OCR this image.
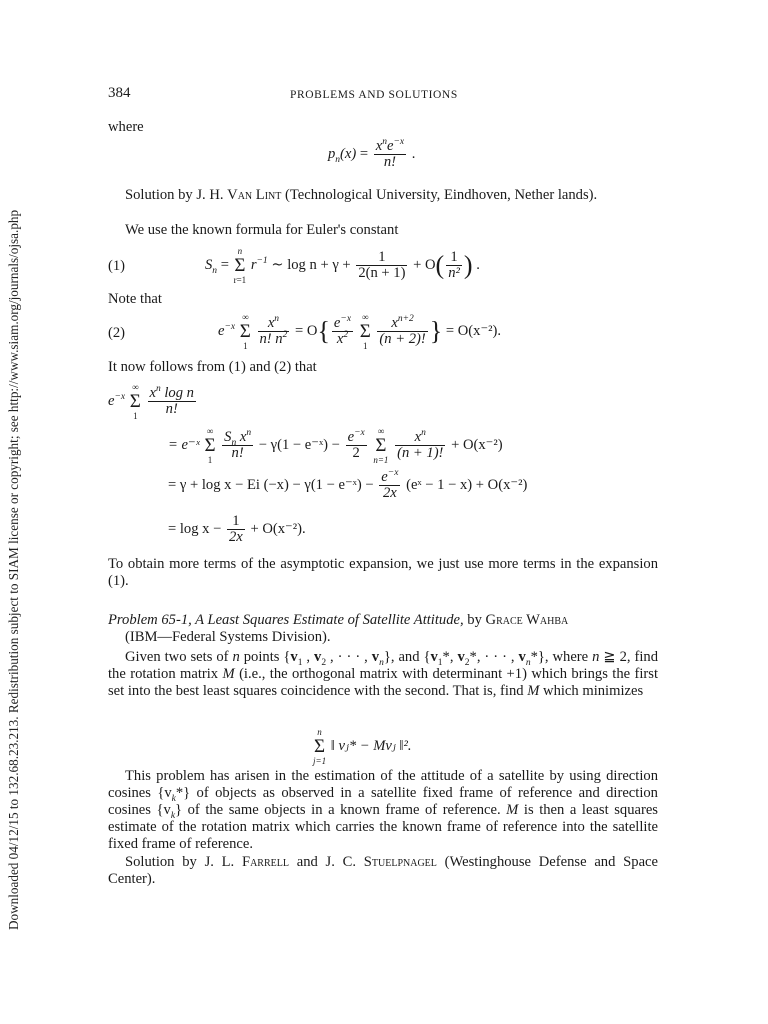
Downloaded 04/12/15 to 132.68.23.213. Redistribution subject to SIAM license or copyright; see http://www.siam.org/journals/ojsa.php
384	PROBLEMS AND SOLUTIONS
where
$p_n(x) = \frac{x^ne^{-x}}{n!}$ .
Solution by J. H. Van Lint (Technological University, Eindhoven, Nether lands).
We use the known formula for Euler's constant
(1)	$S_n$ =
n
Σ
r=1
$r^{-1}$ ∼ $\log n + \gamma + \frac{1}{2(n + 1)} + O( \frac{1}{\text{n²}}$ ) .
Note that
(2)	$e^{-x}$
∞
Σ
1
$\frac{x^n}{n! n^2} = O\{ \frac{e^{-x}}{x^2}$
∞
Σ
1
$\frac{x^{n+2}}{(n + 2)!}$ } = O(x⁻²).
It now follows from (1) and (2) that
$e^{-x}$
∞
Σ
1
$\frac{x^n \log n}{n!}$
= e⁻ˣ
∞
Σ
1
$\frac{S_n x^n}{n!} - \gamma(1$ − e⁻ˣ) − $\frac{e^{-x}}{2}$
	∞
Σ
n=1
$\frac{x^n}{(n + 1)!} + O(x^{-2})$
= γ + log x − Ei (−x) − γ(1 − e⁻ˣ) − $\frac{e^{-x}}{2x}$ (eˣ − 1 − x) + O(x⁻²)
= $\log x - \frac{1}{2x} + O(x^{-2})$.
To obtain more terms of the asymptotic expansion, we just use more terms in the expansion (1).
Problem 65-1, A Least Squares Estimate of Satellite Attitude, by Grace Wahba
(IBM—Federal Systems Division).
Given two sets of n points {$v_1$ , $v_2$ , · · · , $v_n$}, and {$v_1*$, $v_2*$, · · · , $v_n*$}, where n ≧ 2, find the rotation matrix M (i.e., the orthogonal matrix with determinant +1) which brings the first set into the best least squares coincidence with the second. That is, find M which minimizes
n
Σ
j=1
‖ vⱼ* − Mvⱼ ‖².
This problem has arisen in the estimation of the attitude of a satellite by using direction cosines $\{v_k*\}$ of objects as observed in a satellite fixed frame of reference and direction cosines $\{v_k\}$ of the same objects in a known frame of reference. M is then a least squares estimate of the rotation matrix which carries the known frame of reference into the satellite fixed frame of reference.
Solution by J. L. Farrell and J. C. Stuelpnagel (Westinghouse Defense and Space Center).
